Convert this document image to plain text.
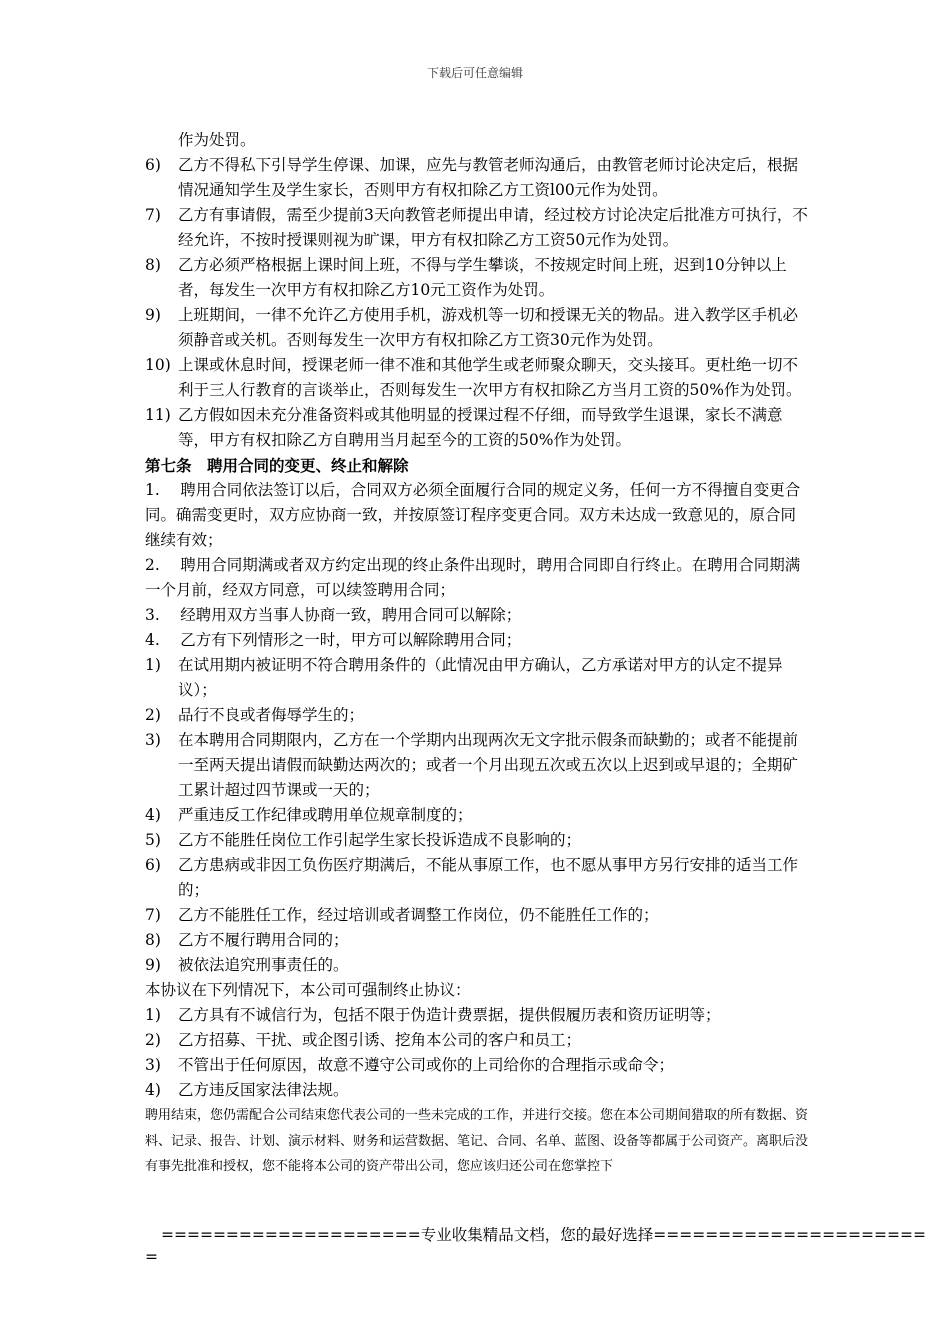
下载后可任意编辑
作为处罚。
6) 乙方不得私下引导学生停课、加课，应先与教管老师沟通后，由教管老师讨论决定后，根据情况通知学生及学生家长，否则甲方有权扣除乙方工资l00元作为处罚。
7) 乙方有事请假，需至少提前3天向教管老师提出申请，经过校方讨论决定后批准方可执行，不经允许，不按时授课则视为旷课，甲方有权扣除乙方工资50元作为处罚。
8) 乙方必须严格根据上课时间上班，不得与学生攀谈，不按规定时间上班，迟到10分钟以上者，每发生一次甲方有权扣除乙方10元工资作为处罚。
9) 上班期间，一律不允许乙方使用手机，游戏机等一切和授课无关的物品。进入教学区手机必须静音或关机。否则每发生一次甲方有权扣除乙方工资30元作为处罚。
10) 上课或休息时间，授课老师一律不准和其他学生或老师聚众聊天，交头接耳。更杜绝一切不利于三人行教育的言谈举止，否则每发生一次甲方有权扣除乙方当月工资的50%作为处罚。
11) 乙方假如因未充分准备资料或其他明显的授课过程不仔细，而导致学生退课，家长不满意等，甲方有权扣除乙方自聘用当月起至今的工资的50%作为处罚。
第七条　聘用合同的变更、终止和解除
1.　 聘用合同依法签订以后，合同双方必须全面履行合同的规定义务，任何一方不得擅自变更合同。确需变更时，双方应协商一致，并按原签订程序变更合同。双方未达成一致意见的，原合同继续有效；
2.　 聘用合同期满或者双方约定出现的终止条件出现时，聘用合同即自行终止。在聘用合同期满一个月前，经双方同意，可以续签聘用合同；
3.　 经聘用双方当事人协商一致，聘用合同可以解除；
4.　 乙方有下列情形之一时，甲方可以解除聘用合同；
1) 在试用期内被证明不符合聘用条件的（此情况由甲方确认，乙方承诺对甲方的认定不提异议）；
2) 品行不良或者侮辱学生的；
3) 在本聘用合同期限内，乙方在一个学期内出现两次无文字批示假条而缺勤的；或者不能提前一至两天提出请假而缺勤达两次的；或者一个月出现五次或五次以上迟到或早退的；全期矿工累计超过四节课或一天的；
4) 严重违反工作纪律或聘用单位规章制度的；
5) 乙方不能胜任岗位工作引起学生家长投诉造成不良影响的；
6) 乙方患病或非因工负伤医疗期满后，不能从事原工作，也不愿从事甲方另行安排的适当工作的；
7) 乙方不能胜任工作，经过培训或者调整工作岗位，仍不能胜任工作的；
8) 乙方不履行聘用合同的；
9) 被依法追究刑事责任的。
本协议在下列情况下，本公司可强制终止协议：
1) 乙方具有不诚信行为，包括不限于伪造计费票据，提供假履历表和资历证明等；
2) 乙方招募、干扰、或企图引诱、挖角本公司的客户和员工；
3) 不管出于任何原因，故意不遵守公司或你的上司给你的合理指示或命令；
4) 乙方违反国家法律法规。
聘用结束，您仍需配合公司结束您代表公司的一些未完成的工作，并进行交接。您在本公司期间猎取的所有数据、资料、记录、报告、计划、演示材料、财务和运营数据、笔记、合同、名单、蓝图、设备等都属于公司资产。离职后没有事先批准和授权，您不能将本公司的资产带出公司，您应该归还公司在您掌控下
====================专业收集精品文档，您的最好选择=====================
=
